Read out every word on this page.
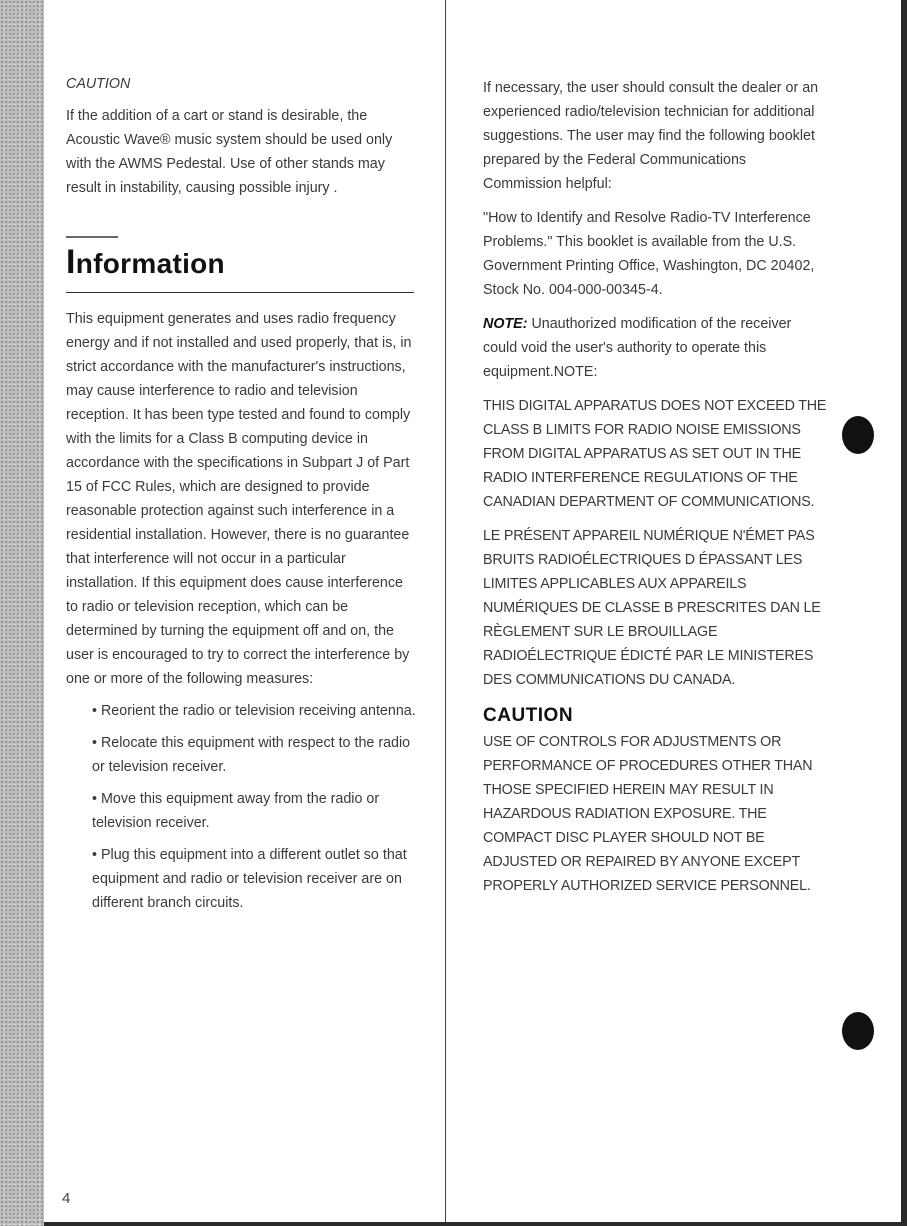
CAUTION

If the addition of a cart or stand is desirable, the Acoustic Wave® music system should be used only with the AWMS Pedestal. Use of other stands may result in instability, causing possible injury .

Information

This equipment generates and uses radio frequency energy and if not installed and used properly, that is, in strict accordance with the manufacturer's instructions, may cause interference to radio and television reception. It has been type tested and found to comply with the limits for a Class B computing device in accordance with the specifications in Subpart J of Part 15 of FCC Rules, which are designed to provide reasonable protection against such interference in a residential installation. However, there is no guarantee that interference will not occur in a particular installation. If this equipment does cause interference to radio or television reception, which can be determined by turning the equipment off and on, the user is encouraged to try to correct the interference by one or more of the following measures:

• Reorient the radio or television receiving antenna.

• Relocate this equipment with respect to the radio or television receiver.

• Move this equipment away from the radio or television receiver.

• Plug this equipment into a different outlet so that equipment and radio or television receiver are on different branch circuits.

If necessary, the user should consult the dealer or an experienced radio/television technician for additional suggestions. The user may find the following booklet prepared by the Federal Communications Commission helpful:

"How to Identify and Resolve Radio-TV Interference Problems." This booklet is available from the U.S. Government Printing Office, Washington, DC 20402, Stock No. 004-000-00345-4.

NOTE: Unauthorized modification of the receiver could void the user's authority to operate this equipment.NOTE:

THIS DIGITAL APPARATUS DOES NOT EXCEED THE CLASS B LIMITS FOR RADIO NOISE EMISSIONS FROM DIGITAL APPARATUS AS SET OUT IN THE RADIO INTERFERENCE REGULATIONS OF THE CANADIAN DEPARTMENT OF COMMUNICATIONS.

LE PRÉSENT APPAREIL NUMÉRIQUE N'ÉMET PAS BRUITS RADIOÉLECTRIQUES D ÉPASSANT LES LIMITES APPLICABLES AUX APPAREILS NUMÉRIQUES DE CLASSE B PRESCRITES DAN LE RÈGLEMENT SUR LE BROUILLAGE RADIOÉLECTRIQUE ÉDICTÉ PAR LE MINISTERES DES COMMUNICATIONS DU CANADA.

CAUTION

USE OF CONTROLS FOR ADJUSTMENTS OR PERFORMANCE OF PROCEDURES OTHER THAN THOSE SPECIFIED HEREIN MAY RESULT IN HAZARDOUS RADIATION EXPOSURE. THE COMPACT DISC PLAYER SHOULD NOT BE ADJUSTED OR REPAIRED BY ANYONE EXCEPT PROPERLY AUTHORIZED SERVICE PERSONNEL.

4
